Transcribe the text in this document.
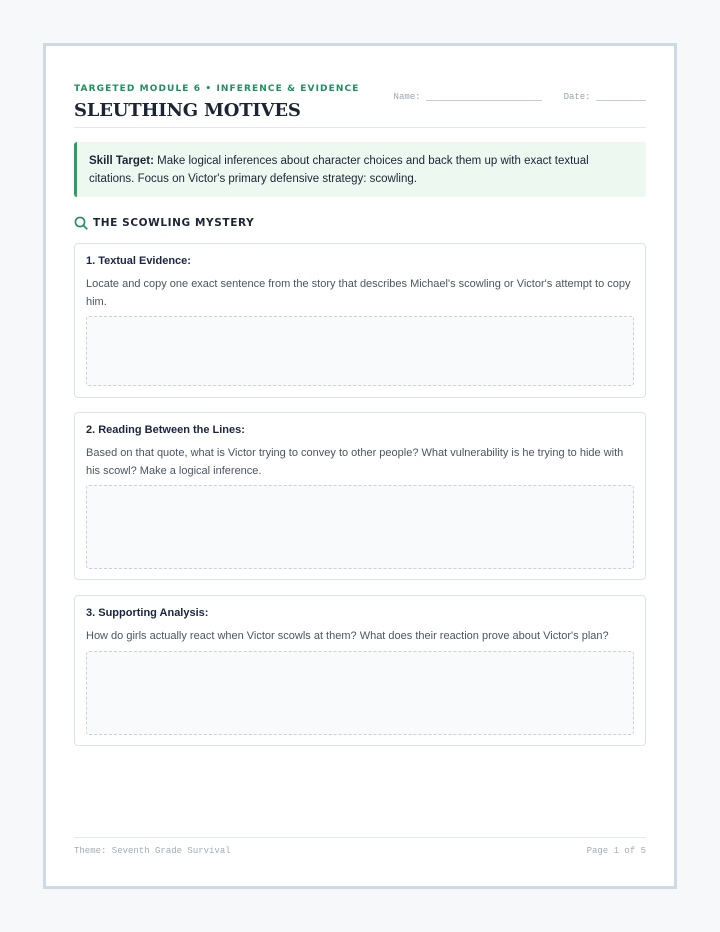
TARGETED MODULE 6 • INFERENCE & EVIDENCE
SLEUTHING MOTIVES
Name:	Date:
Skill Target: Make logical inferences about character choices and back them up with exact textual citations. Focus on Victor's primary defensive strategy: scowling.
THE SCOWLING MYSTERY
1. Textual Evidence:
Locate and copy one exact sentence from the story that describes Michael's scowling or Victor's attempt to copy him.
2. Reading Between the Lines:
Based on that quote, what is Victor trying to convey to other people? What vulnerability is he trying to hide with his scowl? Make a logical inference.
3. Supporting Analysis:
How do girls actually react when Victor scowls at them? What does their reaction prove about Victor's plan?
Theme: Seventh Grade Survival	Page 1 of 5
